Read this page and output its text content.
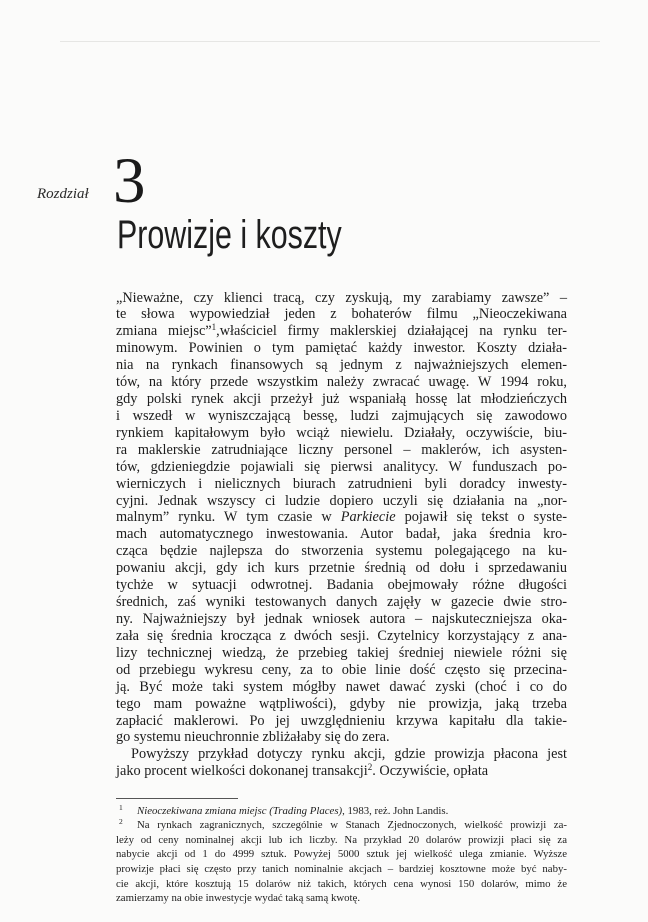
Rozdział 3
Prowizje i koszty
„Nieważne, czy klienci tracą, czy zyskują, my zarabiamy zawsze” –
te słowa wypowiedział jeden z bohaterów filmu „Nieoczekiwana
zmiana miejsc”$^1$,właściciel firmy maklerskiej działającej na rynku ter-
minowym. Powinien o tym pamiętać każdy inwestor. Koszty działa-
nia na rynkach finansowych są jednym z najważniejszych elemen-
tów, na który przede wszystkim należy zwracać uwagę. W 1994 roku,
gdy polski rynek akcji przeżył już wspaniałą hossę lat młodzieńczych
i wszedł w wyniszczającą bessę, ludzi zajmujących się zawodowo
rynkiem kapitałowym było wciąż niewielu. Działały, oczywiście, biu-
ra maklerskie zatrudniające liczny personel – maklerów, ich asysten-
tów, gdzieniegdzie pojawiali się pierwsi analitycy. W funduszach po-
wierniczych i nielicznych biurach zatrudnieni byli doradcy inwesty-
cyjni. Jednak wszyscy ci ludzie dopiero uczyli się działania na „nor-
malnym” rynku. W tym czasie w Parkiecie pojawił się tekst o syste-
mach automatycznego inwestowania. Autor badał, jaka średnia kro-
cząca będzie najlepsza do stworzenia systemu polegającego na ku-
powaniu akcji, gdy ich kurs przetnie średnią od dołu i sprzedawaniu
tychże w sytuacji odwrotnej. Badania obejmowały różne długości
średnich, zaś wyniki testowanych danych zajęły w gazecie dwie stro-
ny. Najważniejszy był jednak wniosek autora – najskuteczniejsza oka-
zała się średnia krocząca z dwóch sesji. Czytelnicy korzystający z ana-
lizy technicznej wiedzą, że przebieg takiej średniej niewiele różni się
od przebiegu wykresu ceny, za to obie linie dość często się przecina-
ją. Być może taki system mógłby nawet dawać zyski (choć i co do
tego mam poważne wątpliwości), gdyby nie prowizja, jaką trzeba
zapłacić maklerowi. Po jej uwzględnieniu krzywa kapitału dla takie-
go systemu nieuchronnie zbliżałaby się do zera.
Powyższy przykład dotyczy rynku akcji, gdzie prowizja płacona jest
jako procent wielkości dokonanej transakcji$^2$. Oczywiście, opłata
1 Nieoczekiwana zmiana miejsc (Trading Places), 1983, reż. John Landis.
2 Na rynkach zagranicznych, szczególnie w Stanach Zjednoczonych, wielkość prowizji za-
leży od ceny nominalnej akcji lub ich liczby. Na przykład 20 dolarów prowizji płaci się za
nabycie akcji od 1 do 4999 sztuk. Powyżej 5000 sztuk jej wielkość ulega zmianie. Wyższe
prowizje płaci się często przy tanich nominalnie akcjach – bardziej kosztowne może być naby-
cie akcji, które kosztują 15 dolarów niż takich, których cena wynosi 150 dolarów, mimo że
zamierzamy na obie inwestycje wydać taką samą kwotę.
